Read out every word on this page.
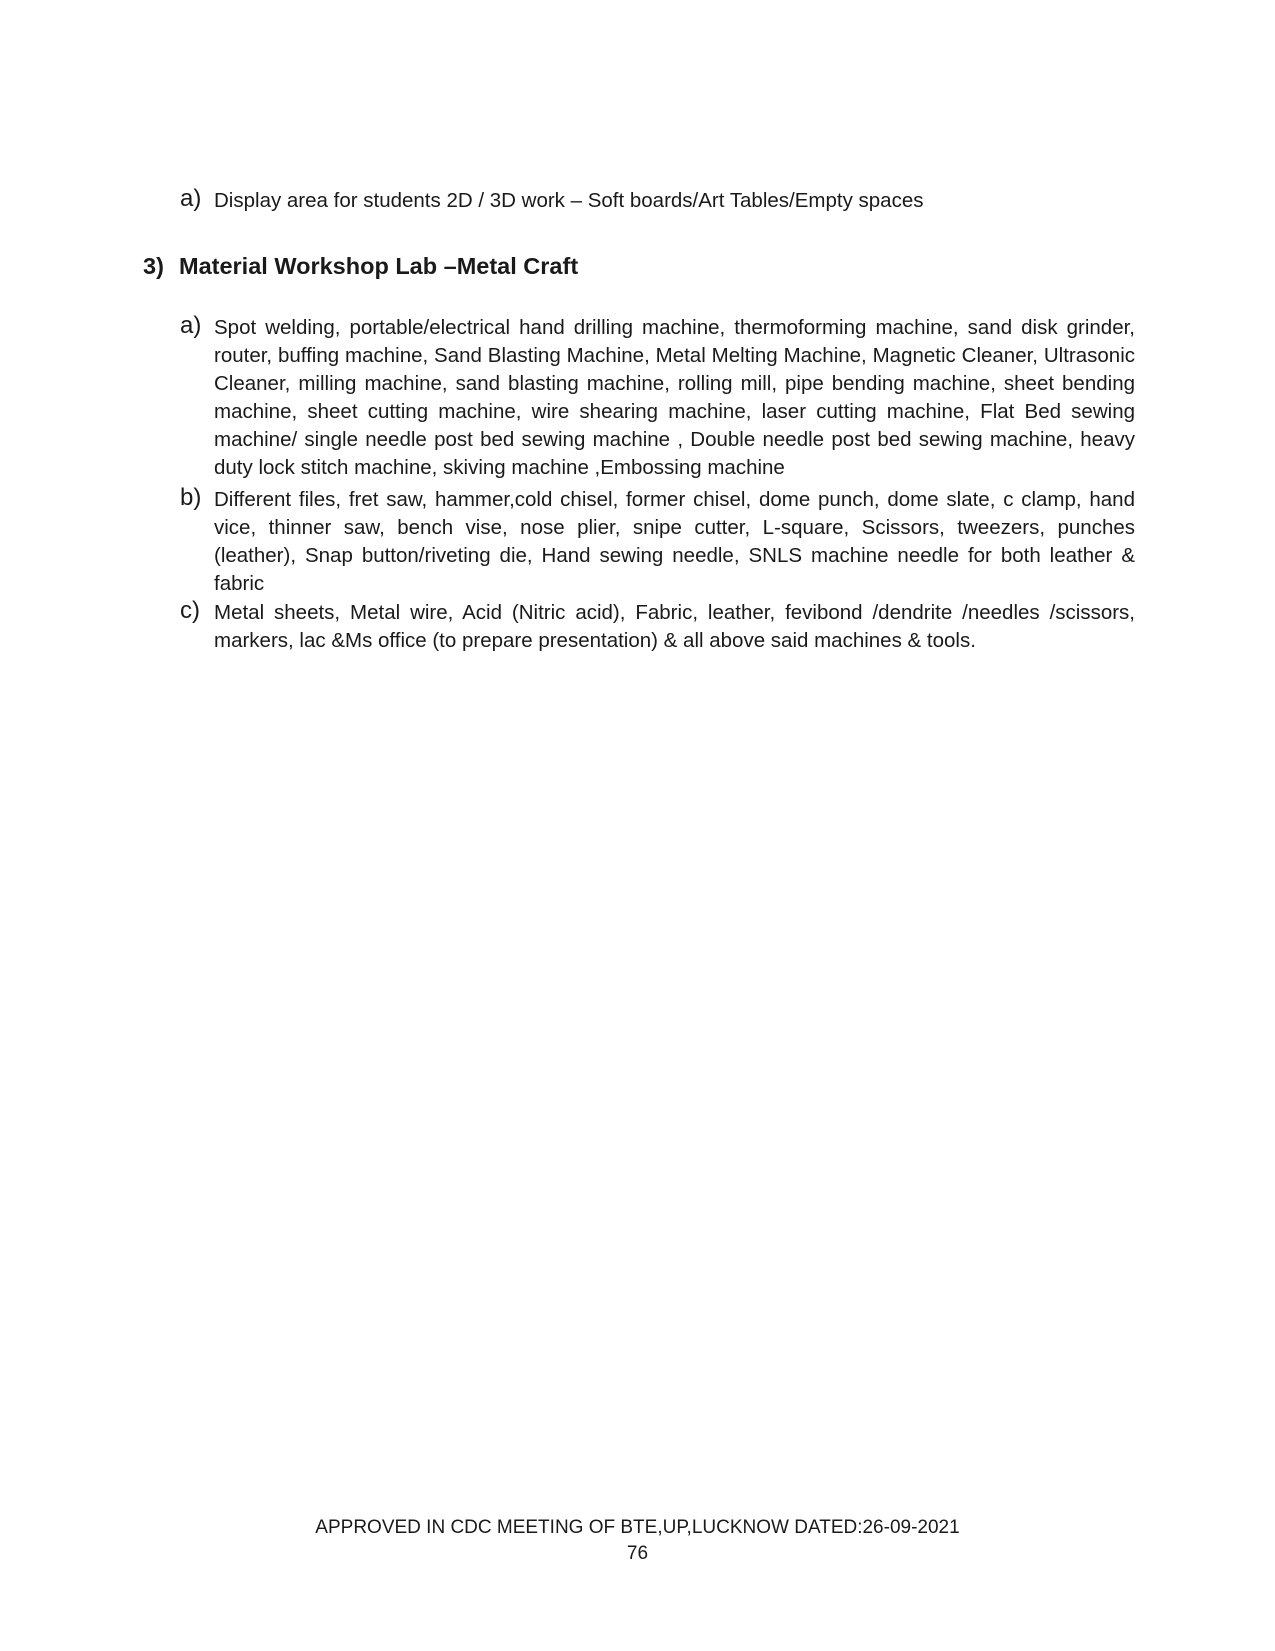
a) Display area for students 2D / 3D work – Soft boards/Art Tables/Empty spaces
3) Material Workshop Lab –Metal Craft
a) Spot welding, portable/electrical hand drilling machine, thermoforming machine, sand disk grinder, router, buffing machine, Sand Blasting Machine, Metal Melting Machine, Magnetic Cleaner, Ultrasonic Cleaner, milling machine, sand blasting machine, rolling mill, pipe bending machine, sheet bending machine, sheet cutting machine, wire shearing machine, laser cutting machine, Flat Bed sewing machine/ single needle post bed sewing machine , Double needle post bed sewing machine, heavy duty lock stitch machine, skiving machine ,Embossing machine
b) Different files, fret saw, hammer,cold chisel, former chisel, dome punch, dome slate, c clamp, hand vice, thinner saw, bench vise, nose plier, snipe cutter, L-square, Scissors, tweezers, punches (leather), Snap button/riveting die, Hand sewing needle, SNLS machine needle for both leather & fabric
c) Metal sheets, Metal wire, Acid (Nitric acid), Fabric, leather, fevibond /dendrite /needles /scissors, markers, lac &Ms office (to prepare presentation) & all above said machines & tools.
APPROVED IN CDC MEETING OF BTE,UP,LUCKNOW DATED:26-09-2021
76
